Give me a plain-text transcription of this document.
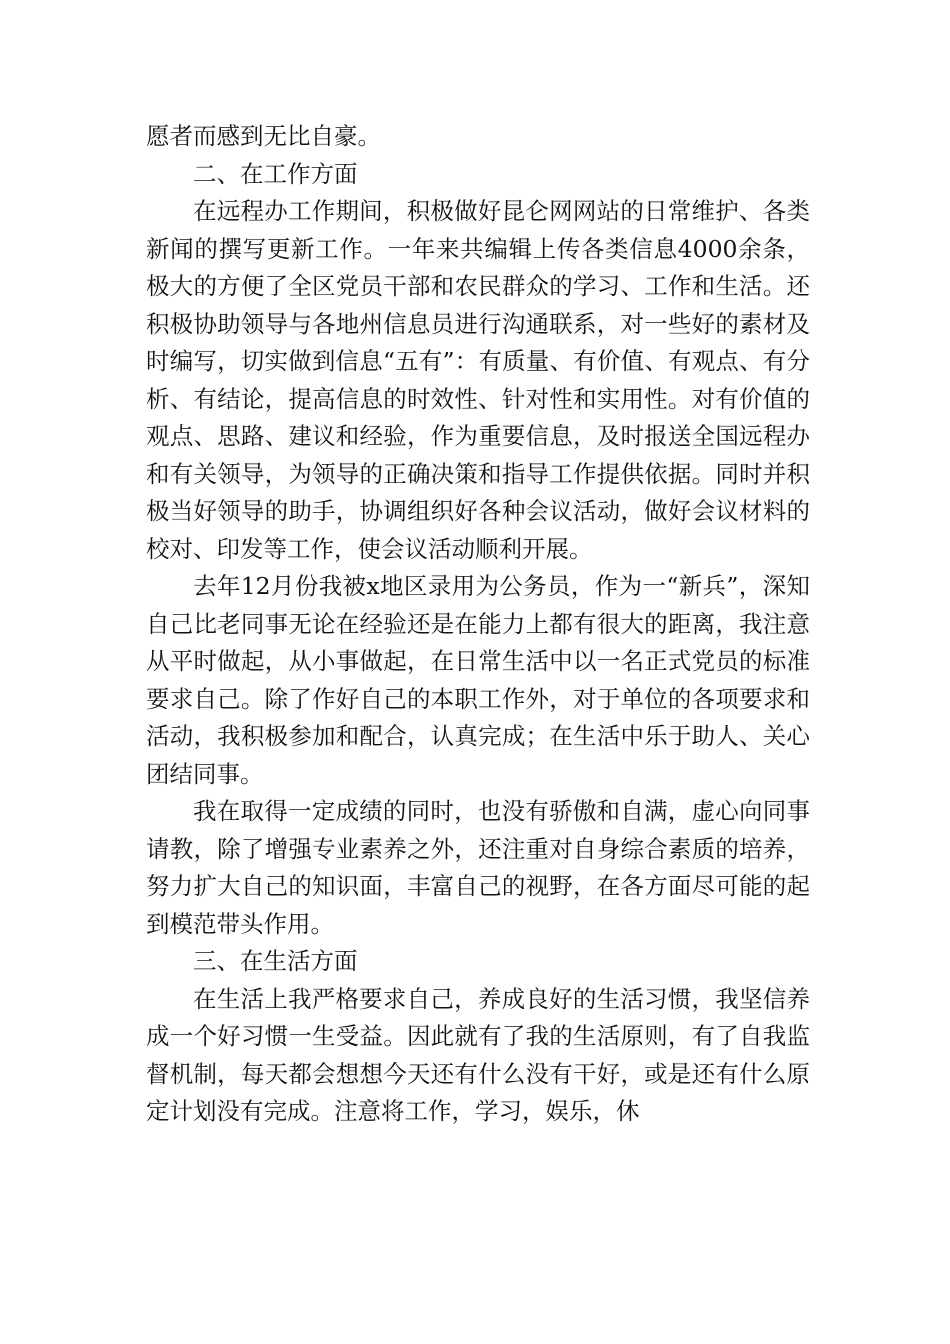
愿者而感到无比自豪。

二、在工作方面

在远程办工作期间，积极做好昆仑网网站的日常维护、各类新闻的撰写更新工作。一年来共编辑上传各类信息4000余条，极大的方便了全区党员干部和农民群众的学习、工作和生活。还积极协助领导与各地州信息员进行沟通联系，对一些好的素材及时编写，切实做到信息“五有”：有质量、有价值、有观点、有分析、有结论，提高信息的时效性、针对性和实用性。对有价值的观点、思路、建议和经验，作为重要信息，及时报送全国远程办和有关领导，为领导的正确决策和指导工作提供依据。同时并积极当好领导的助手，协调组织好各种会议活动，做好会议材料的校对、印发等工作，使会议活动顺利开展。

去年12月份我被x地区录用为公务员，作为一“新兵”，深知自己比老同事无论在经验还是在能力上都有很大的距离，我注意从平时做起，从小事做起，在日常生活中以一名正式党员的标准要求自己。除了作好自己的本职工作外，对于单位的各项要求和活动，我积极参加和配合，认真完成；在生活中乐于助人、关心团结同事。

我在取得一定成绩的同时，也没有骄傲和自满，虚心向同事请教，除了增强专业素养之外，还注重对自身综合素质的培养，努力扩大自己的知识面，丰富自己的视野，在各方面尽可能的起到模范带头作用。

三、在生活方面

在生活上我严格要求自己，养成良好的生活习惯，我坚信养成一个好习惯一生受益。因此就有了我的生活原则，有了自我监督机制，每天都会想想今天还有什么没有干好，或是还有什么原定计划没有完成。注意将工作，学习，娱乐，休
